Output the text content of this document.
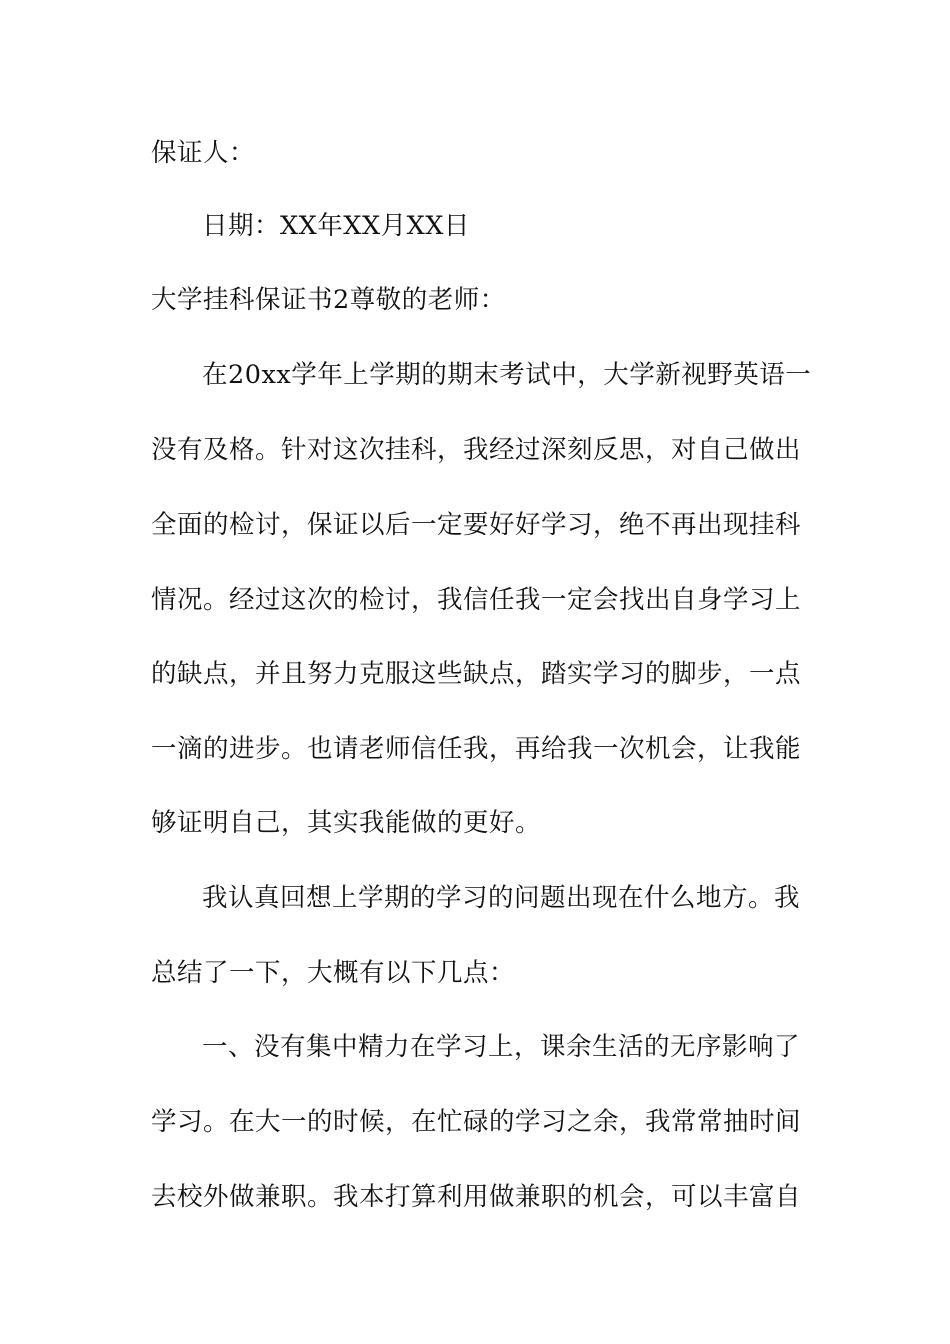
保证人：

日期：XX年XX月XX日

大学挂科保证书2尊敬的老师：

在20xx学年上学期的期末考试中，大学新视野英语一

没有及格。针对这次挂科，我经过深刻反思，对自己做出

全面的检讨，保证以后一定要好好学习，绝不再出现挂科

情况。经过这次的检讨，我信任我一定会找出自身学习上

的缺点，并且努力克服这些缺点，踏实学习的脚步，一点

一滴的进步。也请老师信任我，再给我一次机会，让我能

够证明自己，其实我能做的更好。

我认真回想上学期的学习的问题出现在什么地方。我

总结了一下，大概有以下几点：

一、没有集中精力在学习上，课余生活的无序影响了

学习。在大一的时候，在忙碌的学习之余，我常常抽时间

去校外做兼职。我本打算利用做兼职的机会，可以丰富自
